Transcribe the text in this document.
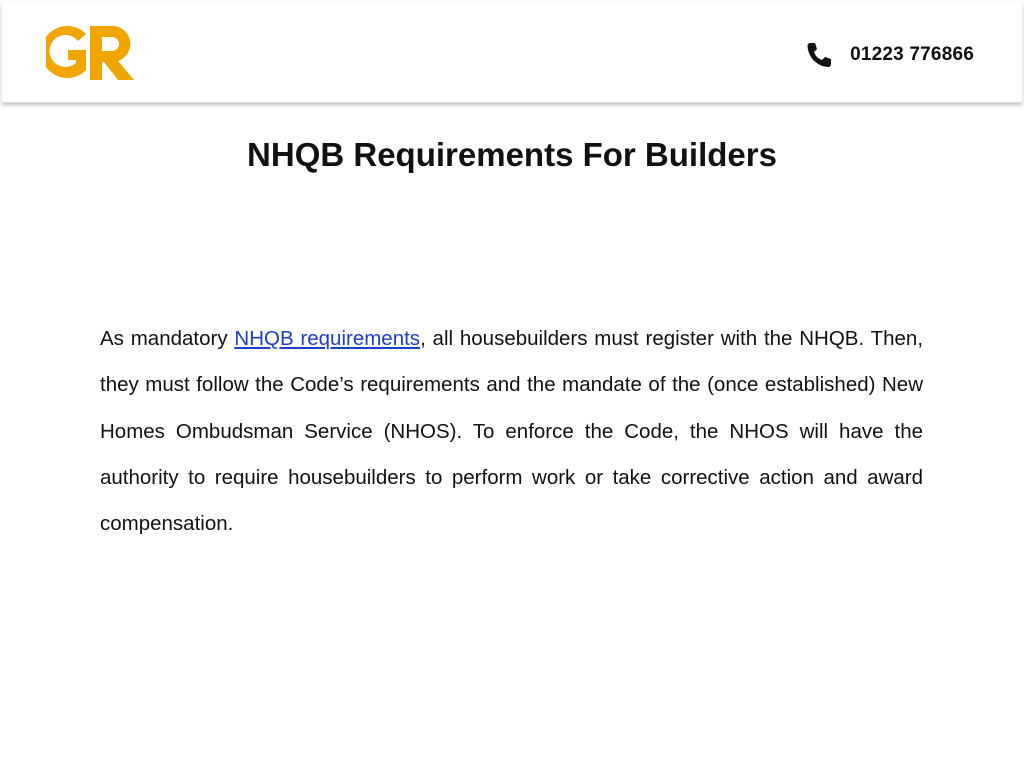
01223 776866
NHQB Requirements For Builders

As mandatory NHQB requirements, all housebuilders must register with the NHQB. Then, they must follow the Code’s requirements and the mandate of the (once established) New Homes Ombudsman Service (NHOS). To enforce the Code, the NHOS will have the authority to require housebuilders to perform work or take corrective action and award compensation.
